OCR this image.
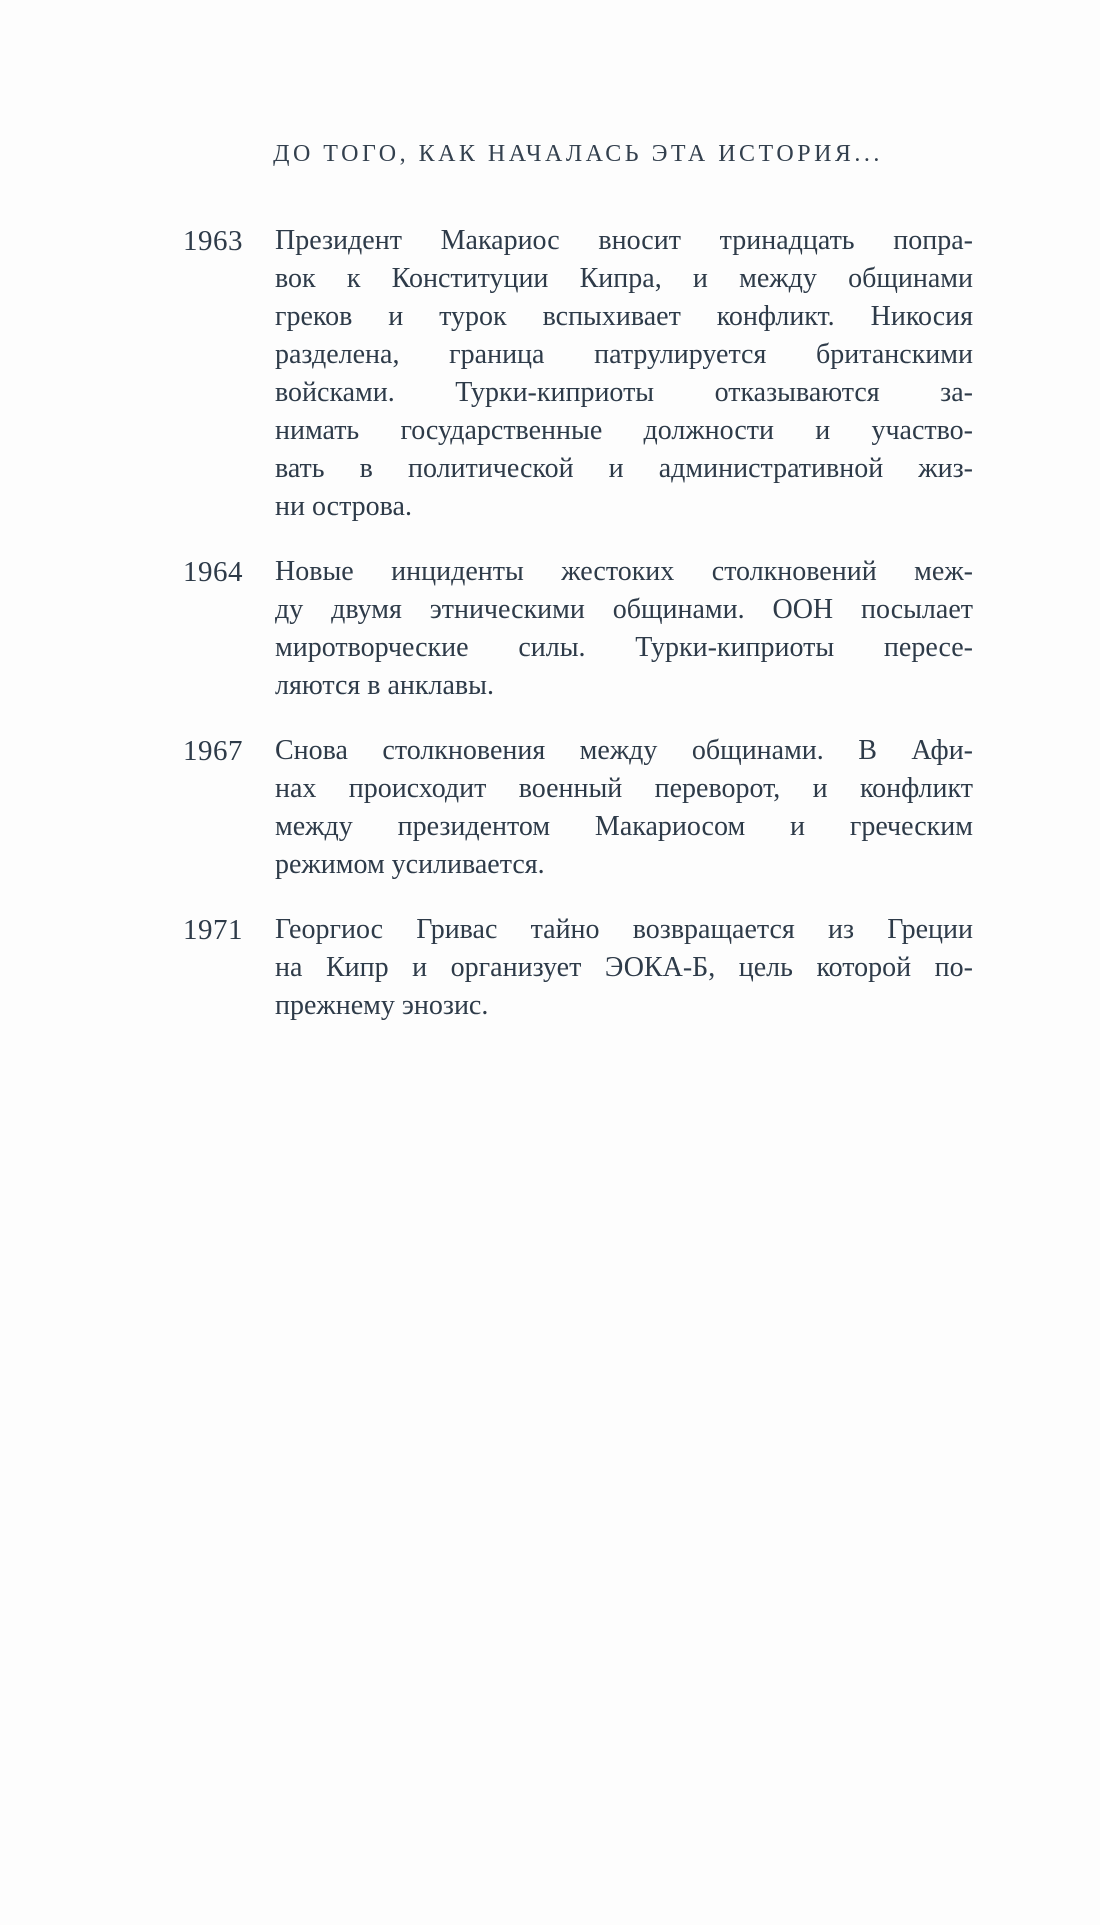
ДО ТОГО, КАК НАЧАЛАСЬ ЭТА ИСТОРИЯ...
1963	Президент Макариос вносит тринадцать попра-
вок к Конституции Кипра, и между общинами
греков и турок вспыхивает конфликт. Никосия
разделена, граница патрулируется британскими
войсками. Турки-киприоты отказываются за-
нимать государственные должности и участво-
вать в политической и административной жиз-
ни острова.
1964	Новые инциденты жестоких столкновений меж-
ду двумя этническими общинами. ООН посылает
миротворческие силы. Турки-киприоты пересе-
ляются в анклавы.
1967	Снова столкновения между общинами. В Афи-
нах происходит военный переворот, и конфликт
между президентом Макариосом и греческим
режимом усиливается.
1971	Георгиос Гривас тайно возвращается из Греции
на Кипр и организует ЭОКА-Б, цель которой по-
прежнему энозис.
